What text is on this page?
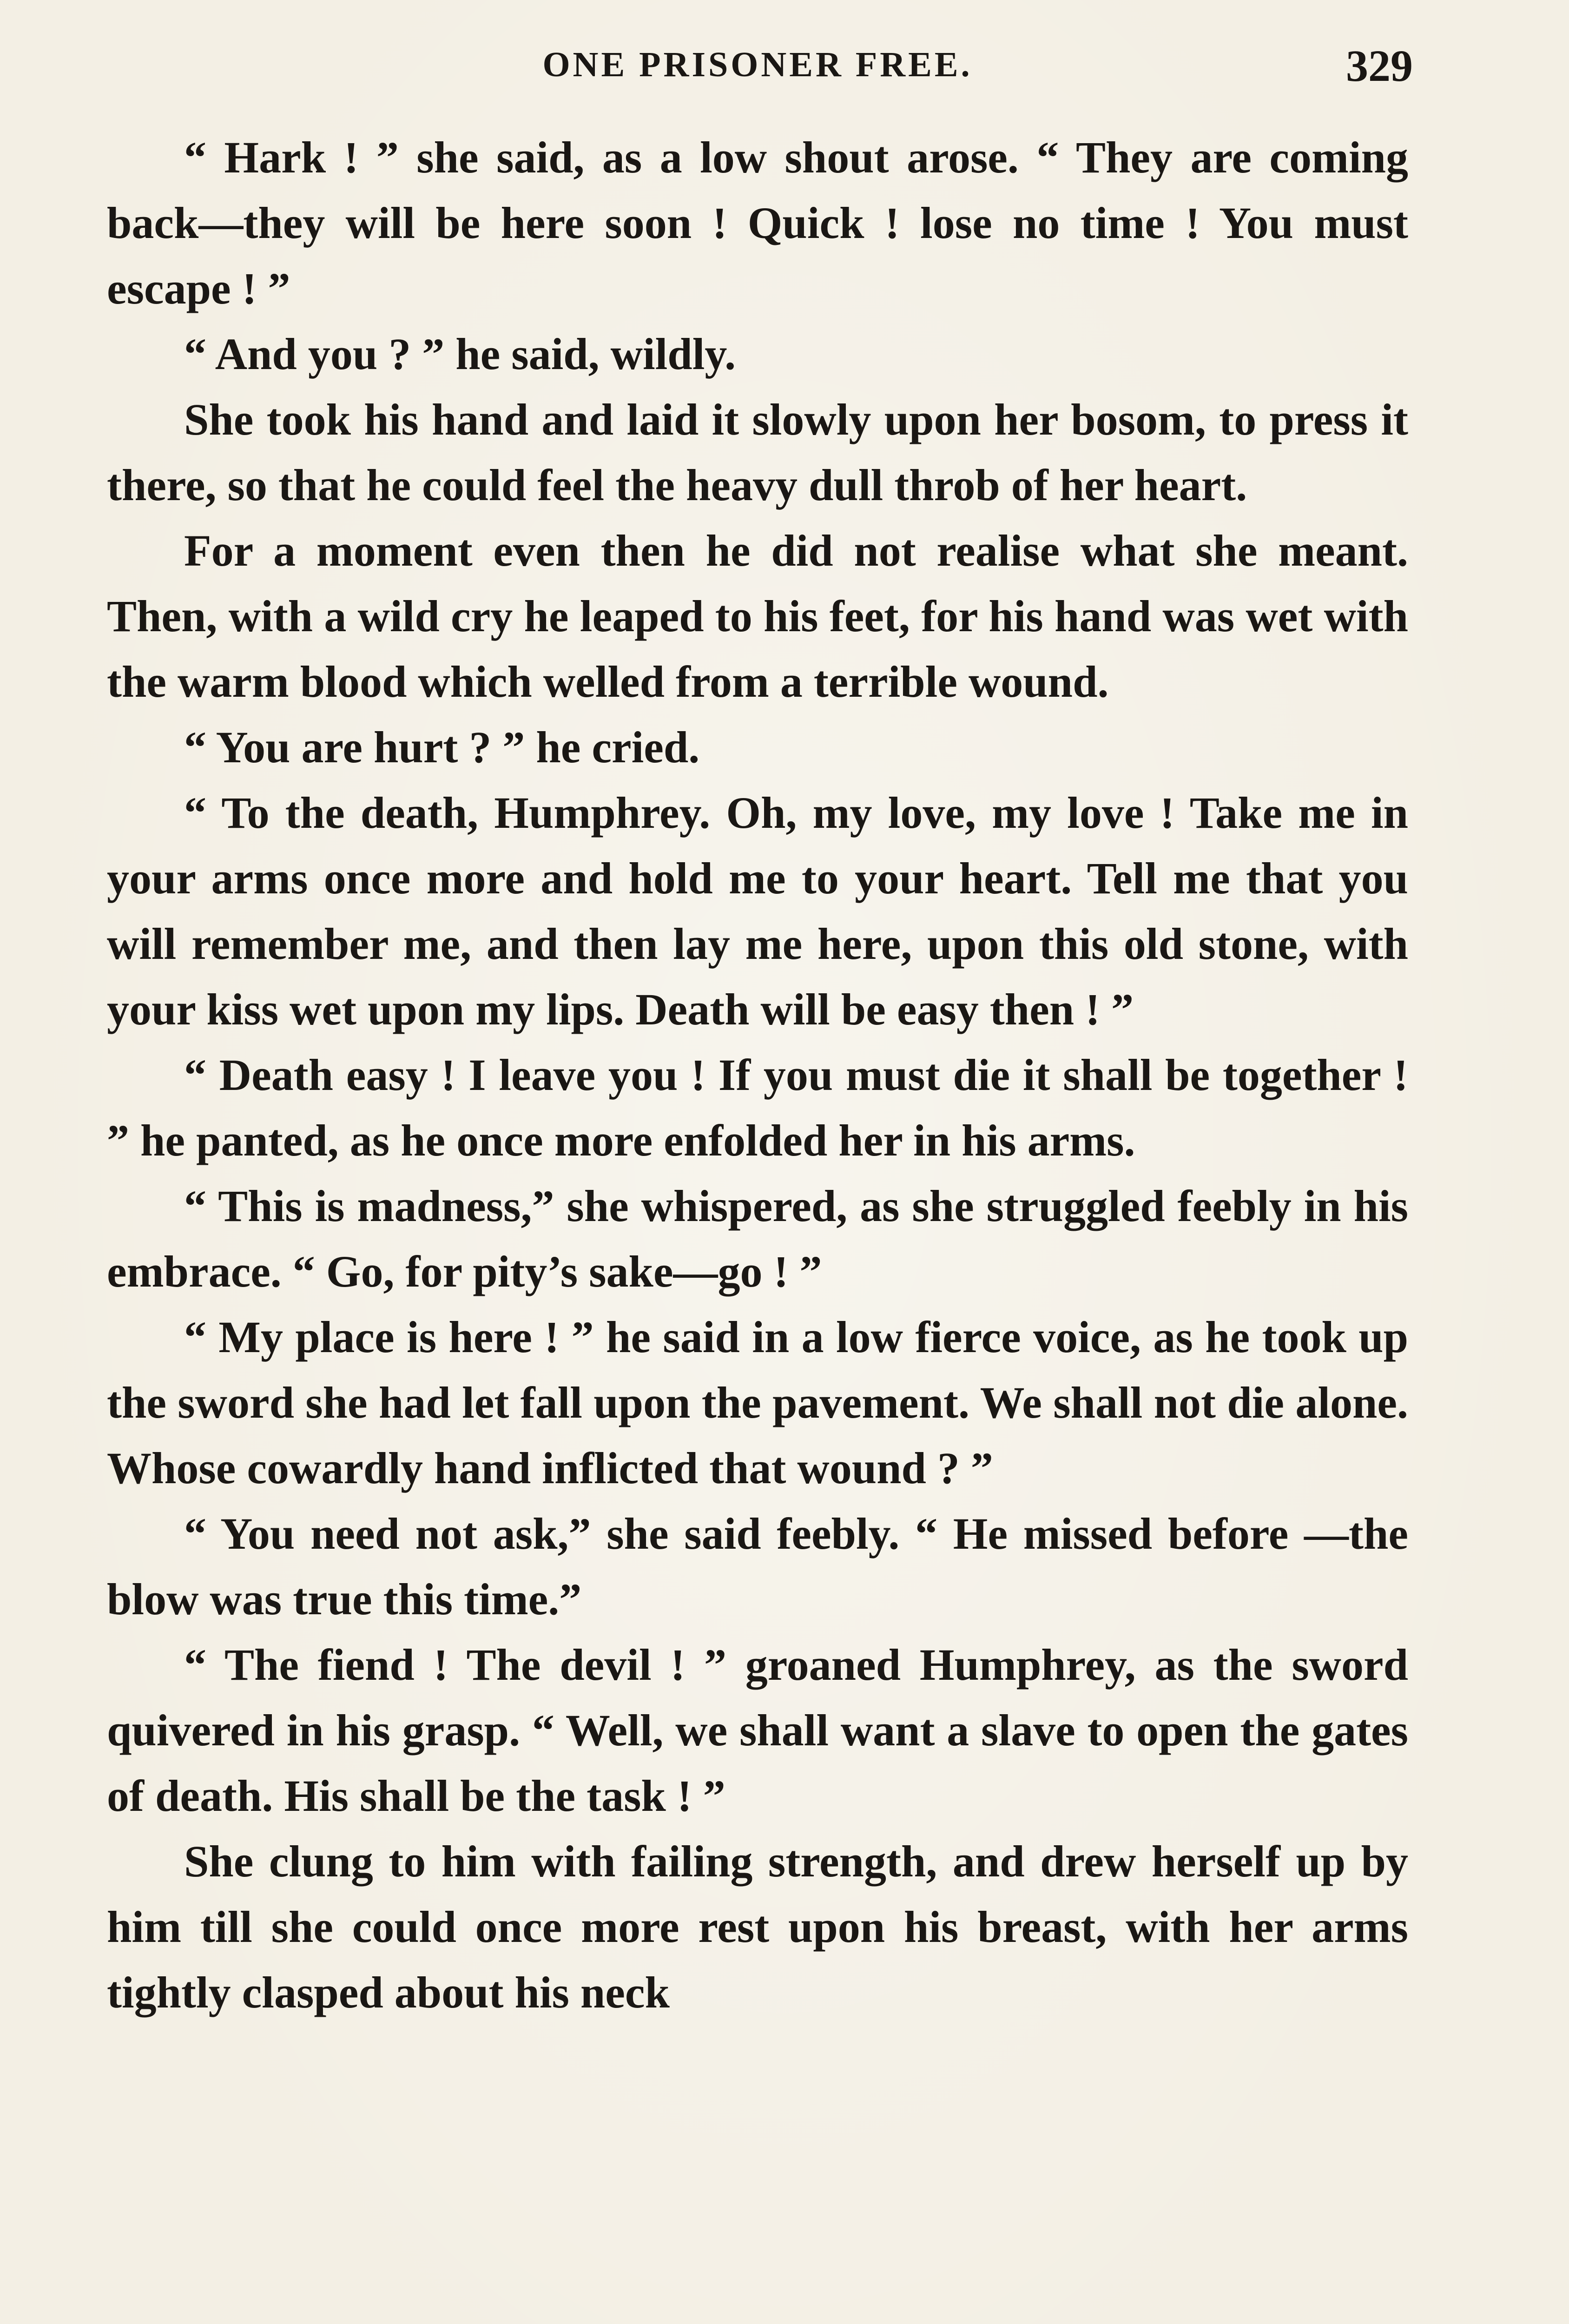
ONE PRISONER FREE.	329

“ Hark ! ” she said, as a low shout arose. “ They are coming back—they will be here soon ! Quick ! lose no time ! You must escape ! ”

“ And you ? ” he said, wildly.

She took his hand and laid it slowly upon her bosom, to press it there, so that he could feel the heavy dull throb of her heart.

For a moment even then he did not realise what she meant. Then, with a wild cry he leaped to his feet, for his hand was wet with the warm blood which welled from a terrible wound.

“ You are hurt ? ” he cried.

“ To the death, Humphrey. Oh, my love, my love ! Take me in your arms once more and hold me to your heart. Tell me that you will remember me, and then lay me here, upon this old stone, with your kiss wet upon my lips. Death will be easy then ! ”

“ Death easy ! I leave you ! If you must die it shall be together ! ” he panted, as he once more enfolded her in his arms.

“ This is madness,” she whispered, as she struggled feebly in his embrace. “ Go, for pity’s sake—go ! ”

“ My place is here ! ” he said in a low fierce voice, as he took up the sword she had let fall upon the pavement. We shall not die alone. Whose cowardly hand inflicted that wound ? ”

“ You need not ask,” she said feebly. “ He missed before —the blow was true this time.”

“ The fiend ! The devil ! ” groaned Humphrey, as the sword quivered in his grasp. “ Well, we shall want a slave to open the gates of death. His shall be the task ! ”

She clung to him with failing strength, and drew herself up by him till she could once more rest upon his breast, with her arms tightly clasped about his neck
